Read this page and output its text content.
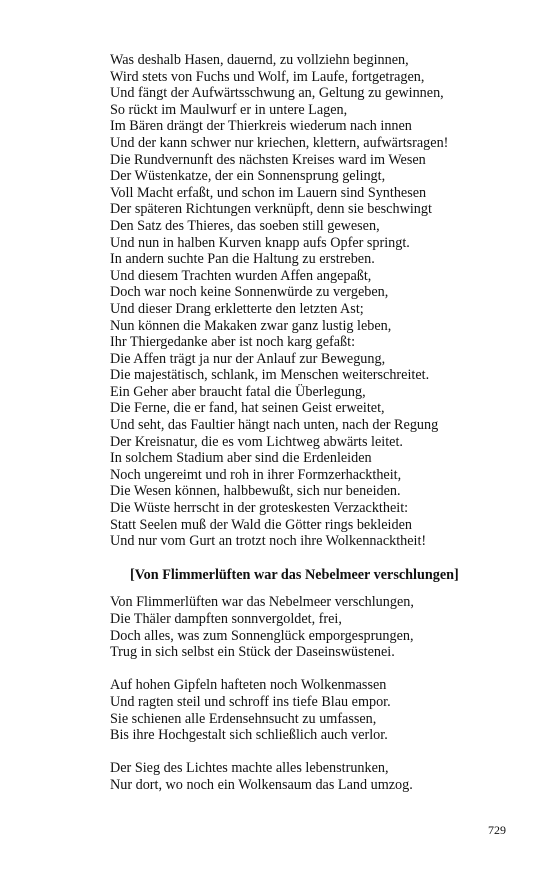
Was deshalb Hasen, dauernd, zu vollziehn beginnen,
Wird stets von Fuchs und Wolf, im Laufe, fortgetragen,
Und fängt der Aufwärtsschwung an, Geltung zu gewinnen,
So rückt im Maulwurf er in untere Lagen,
Im Bären drängt der Thierkreis wiederum nach innen
Und der kann schwer nur kriechen, klettern, aufwärtsragen!
Die Rundvernunft des nächsten Kreises ward im Wesen
Der Wüstenkatze, der ein Sonnensprung gelingt,
Voll Macht erfaßt, und schon im Lauern sind Synthesen
Der späteren Richtungen verknüpft, denn sie beschwingt
Den Satz des Thieres, das soeben still gewesen,
Und nun in halben Kurven knapp aufs Opfer springt.
In andern suchte Pan die Haltung zu erstreben.
Und diesem Trachten wurden Affen angepaßt,
Doch war noch keine Sonnenwürde zu vergeben,
Und dieser Drang erkletterte den letzten Ast;
Nun können die Makaken zwar ganz lustig leben,
Ihr Thiergedanke aber ist noch karg gefaßt:
Die Affen trägt ja nur der Anlauf zur Bewegung,
Die majestätisch, schlank, im Menschen weiterschreitet.
Ein Geher aber braucht fatal die Überlegung,
Die Ferne, die er fand, hat seinen Geist erweitet,
Und seht, das Faultier hängt nach unten, nach der Regung
Der Kreisnatur, die es vom Lichtweg abwärts leitet.
In solchem Stadium aber sind die Erdenleiden
Noch ungereimt und roh in ihrer Formzerhacktheit,
Die Wesen können, halbbewußt, sich nur beneiden.
Die Wüste herrscht in der groteskesten Verzacktheit:
Statt Seelen muß der Wald die Götter rings bekleiden
Und nur vom Gurt an trotzt noch ihre Wolkennacktheit!
[Von Flimmerlüften war das Nebelmeer verschlungen]
Von Flimmerlüften war das Nebelmeer verschlungen,
Die Thäler dampften sonnvergoldet, frei,
Doch alles, was zum Sonnenglück emporgesprungen,
Trug in sich selbst ein Stück der Daseinswüstenei.
Auf hohen Gipfeln hafteten noch Wolkenmassen
Und ragten steil und schroff ins tiefe Blau empor.
Sie schienen alle Erdensehnsucht zu umfassen,
Bis ihre Hochgestalt sich schließlich auch verlor.
Der Sieg des Lichtes machte alles lebenstrunken,
Nur dort, wo noch ein Wolkensaum das Land umzog.
729
